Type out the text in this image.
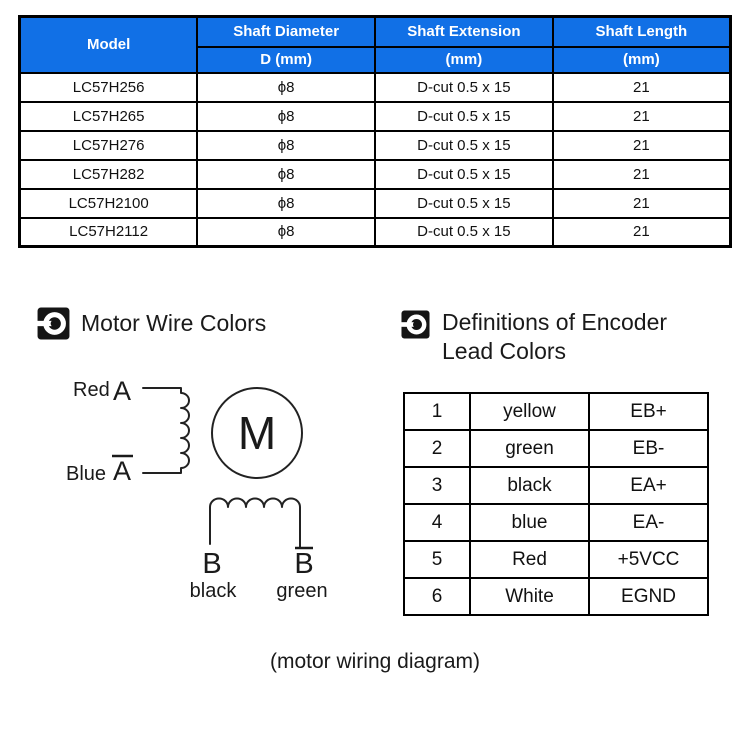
Model	Shaft Diameter	Shaft Extension	Shaft Length
	D (mm)	(mm)	(mm)
LC57H256	ϕ8	D-cut 0.5 x 15	21
LC57H265	ϕ8	D-cut 0.5 x 15	21
LC57H276	ϕ8	D-cut 0.5 x 15	21
LC57H282	ϕ8	D-cut 0.5 x 15	21
LC57H2100	ϕ8	D-cut 0.5 x 15	21
LC57H2112	ϕ8	D-cut 0.5 x 15	21
Motor Wire Colors	Definitions of Encoder
Lead Colors
M
Red A
Blue A
B	B
black green
1	yellow	EB+
2	green	EB-
3	black	EA+
4	blue	EA-
5	Red	+5VCC
6	White	EGND
(motor wiring diagram)
